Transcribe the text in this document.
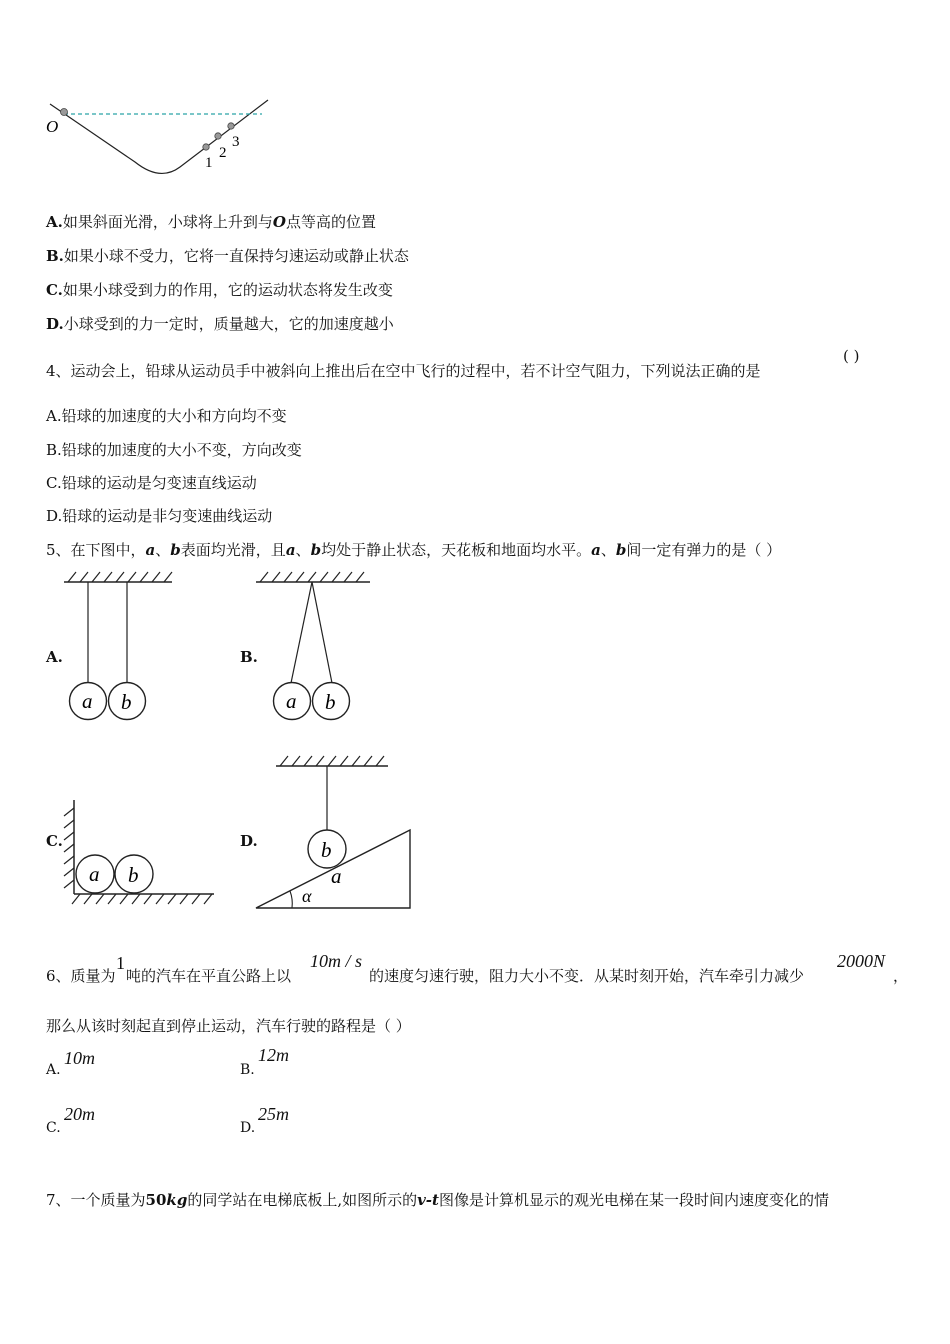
O
1
2
3
A.如果斜面光滑，小球将上升到与O点等高的位置
B.如果小球不受力，它将一直保持匀速运动或静止状态
C.如果小球受到力的作用，它的运动状态将发生改变
D.小球受到的力一定时，质量越大，它的加速度越小
4、运动会上，铅球从运动员手中被斜向上推出后在空中飞行的过程中，若不计空气阻力，下列说法正确的是
( )
A.铅球的加速度的大小和方向均不变
B.铅球的加速度的大小不变，方向改变
C.铅球的运动是匀变速直线运动
D.铅球的运动是非匀变速曲线运动
5、在下图中，a、b表面均光滑，且a、b均处于静止状态，天花板和地面均水平。a、b间一定有弹力的是（ ）
A.	B.
C.	D.
a b	a b
a b
b
a
α
6、质量为
1
吨的汽车在平直公路上以
10m / s
的速度匀速行驶，阻力大小不变．从某时刻开始，汽车牵引力减少
2000N
，
那么从该时刻起直到停止运动，汽车行驶的路程是（ ）
A.
10m
B.
12m
C.
20m
D.
25m
7、一个质量为50kg的同学站在电梯底板上,如图所示的v-t图像是计算机显示的观光电梯在某一段时间内速度变化的情
